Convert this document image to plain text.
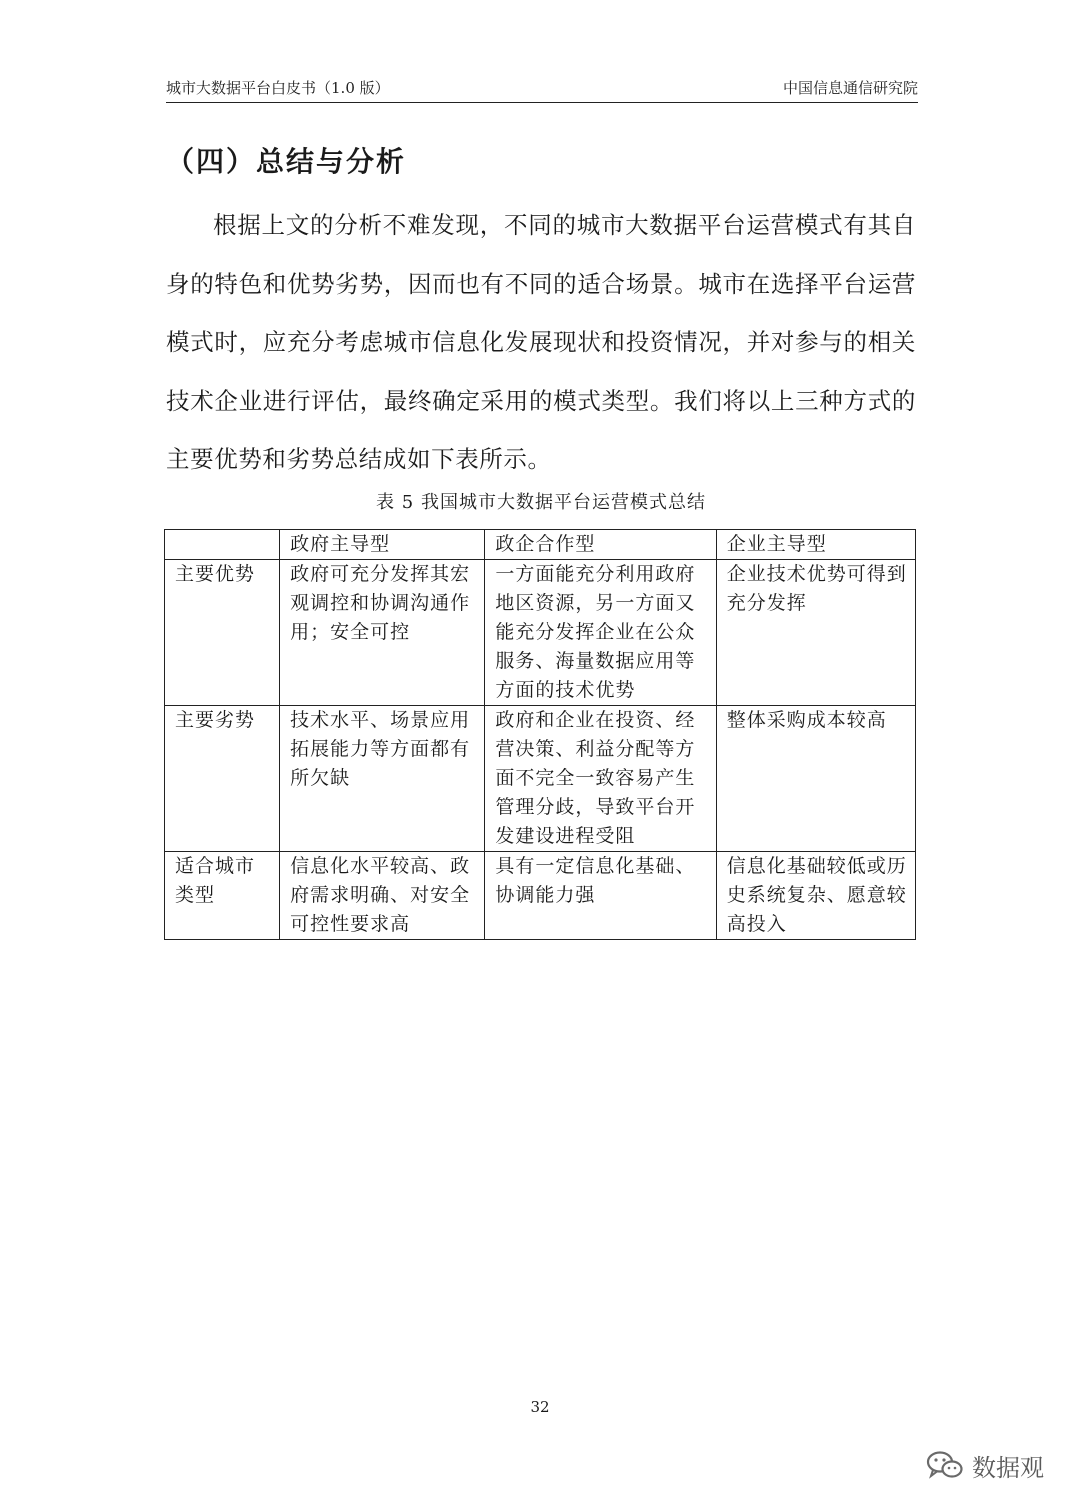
城市大数据平台白皮书（1.0 版）	中国信息通信研究院
（四）总结与分析

根据上文的分析不难发现，不同的城市大数据平台运营模式有其自身的特色和优势劣势，因而也有不同的适合场景。城市在选择平台运营模式时，应充分考虑城市信息化发展现状和投资情况，并对参与的相关技术企业进行评估，最终确定采用的模式类型。我们将以上三种方式的主要优势和劣势总结成如下表所示。

表 5 我国城市大数据平台运营模式总结
	政府主导型	政企合作型	企业主导型
主要优势	政府可充分发挥其宏观调控和协调沟通作用；安全可控	一方面能充分利用政府地区资源，另一方面又能充分发挥企业在公众服务、海量数据应用等方面的技术优势	企业技术优势可得到充分发挥
主要劣势	技术水平、场景应用拓展能力等方面都有所欠缺	政府和企业在投资、经营决策、利益分配等方面不完全一致容易产生管理分歧，导致平台开发建设进程受阻	整体采购成本较高
适合城市类型	信息化水平较高、政府需求明确、对安全可控性要求高	具有一定信息化基础、协调能力强	信息化基础较低或历史系统复杂、愿意较高投入
32
数据观
